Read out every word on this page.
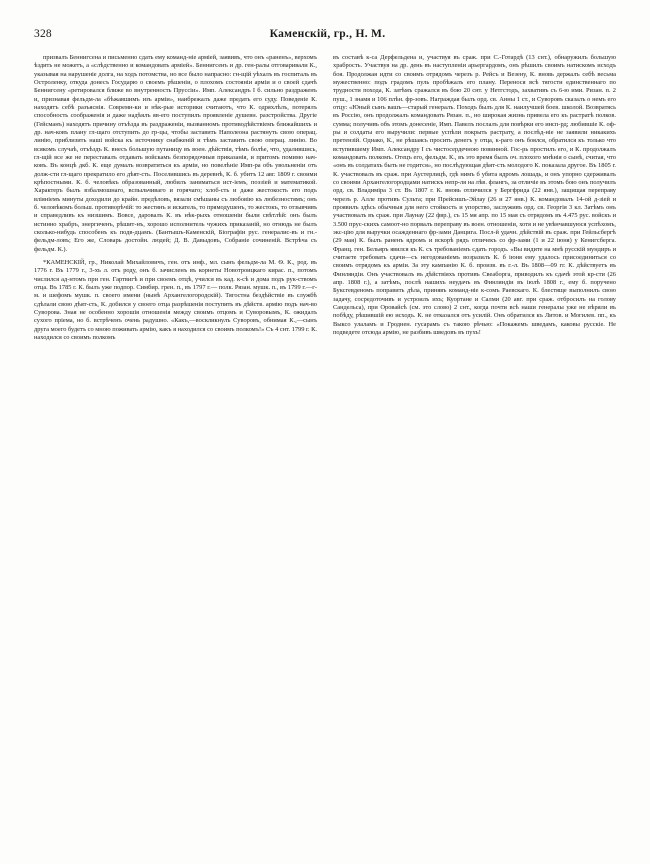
328	Каменскiй, гр., Н. М.

призвалъ Беннигсена и письменно сдать ему команд-нiе армiей, заявивъ, что онъ «раненъ», верхомъ ѣздить не можетъ, а «слѣдственно и командовать армiей». Беннигсенъ и др. ген-ралы отговаривали К., указывая на нарушенiе долга, на ходъ потомства, но все было напрасно: гн-щiй уѣхалъ въ госпиталь въ Остроленку, откуда донесъ Государю о своемъ рѣшенiи, о плохомъ состоянiи армiи и о своей сдачѣ Беннигсену «ретировался ближе во внутренность Пруссiи». Имп. Александръ I б. сильно раздраженъ и, признавая фельдм-ла «бѣжавшимъ изъ армiи», наибрежалъ даже предать его суду. Поведенiе К. находятъ себѣ разъяснiя. Совремн-ки и нѣк-рые историки считаютъ, что К. одряхлѣлъ, потерялъ способность соображенiя и даже надѣялъ яв-его поступилъ проявленiе душевн. разстройства. Другiе (Гейсманъ) находятъ причину отъѣзда въ раздраженiи, вызванномъ противодѣйствiемъ ближайшихъ и др. нач-ковъ плану гл-щаго отступить до гр-цы, чтобы заставить Наполеона растянуть свою операц. линiю, приблизить нашi войска къ источнику снабженiй и тѣмъ заставить свою операц. линiю. Во всякомъ случаѣ, отъѣздъ К. внесъ большую путаницу въ воен. дѣйствiя, тѣмъ болѣе, что, удалившись, гл-щiй все же не переставалъ отдавать войскамъ безпорядочныя приказанiя, и притомъ помимо нач-ковъ. Въ концѣ дкб. К. еще думалъ возвратиться къ армiи, но повелѣнiе Имп-ра объ увольненiи отъ долж-сти гл-щаго прекратило его дѣят-сть. Поселившись въ деревнѣ, К. б. убитъ 12 авг. 1809 г. своими крѣпостными. К. б. человѣкъ образованный, любилъ заниматься ист-iемъ, поэзiей и математикой. Характеръ былъ взбалмошнаго, вспыльчиваго и горячаго; хлоб-сть и даже жестокость его подъ влiянiемъ минуты доходили до крайн. предѣловъ, вязали смѣшаны съ любовiю къ любезностямъ; онъ б. человѣкомъ больш. противорѣчiй: то жестянъ и искатель, то прямодушенъ, то жестокъ, то отзывчивъ и справедливъ къ низшимъ. Вовсе, даровалъ К. въ нѣк-рыхъ отношенiи были свѣтлѣй: онъ былъ истинно храбръ, энергиченъ, рѣшит-нъ, хорошо исполнитель чужихъ приказанiй, но отнюдь не былъ сколько-нибудь способенъ къ подв-дцамъ. (Бантышъ-Каменскiй, Бiографiи рус. генералис-въ и гн.-фельдм-ловъ; Его же, Словарь достойн. людей; Д. В. Давыдовъ, Собранiе сочиненiй. Встрѣча съ фельдм. К.).

*КАМЕНСКIЙ, гр., Николай Михайловичъ, ген. отъ инф., мл. сынъ фельдм-ла М. Ѳ. К., род. въ 1776 г. Въ 1779 г., 3-хъ л. отъ роду, онъ б. зачисленъ въ корнеты Новотроицкаго кирас. п., потомъ числился ад-нтомъ при ген. Гартвигѣ и при своемъ отцѣ, учился въ кад. к-сѣ и дома подъ рук-ствомъ отца. Въ 1785 г. К. былъ уже подпор. Симбир. грен. п., въ 1797 г.— полк. Рязан. мушк. п., въ 1799 г.—г-м. и шефомъ мушк. п. своего имени (нынѣ Архангелогородскiй). Тягостна бездѣйствiе въ службѣ сдѣлали свою дѣят-сть, К. добился у своего отца разрѣшенiя поступить въ дѣйств. армiю подъ нач-во Суворова. Зная не особенно хорошiя отношенiя между своимъ отцомъ и Суворовымъ, К. ожидалъ сухого прiема, но б. встрѣченъ очень радушно. «Какъ,—воскликнулъ Суворовъ, обнимая К.,—сынъ друга моего будетъ со мною поживать армiю, какъ я находился со своимъ полкомъ!» Съ 4 снт. 1799 г. К. находился со своимъ полкомъ

въ составѣ к-са Дерфельдена и, участвуя въ сраж. при С.-Готардѣ (13 снт.), обнаружилъ большую храбрость. Участвуя на др. день въ наступленiи арьергардомъ, онъ рѣшилъ своимъ натискомъ исходъ боя. Продолжая идти со своимъ отрядомъ черезъ р. Рейсъ и Везену, К. вновь держалъ себѣ весьма мужественно: подъ градомъ пуль пробѣжалъ его плану. Перенося всѣ тягости единственнаго по трудности похода, К. затѣмъ сражался въ бою 20 снт. у Нетгстодъ, захвативъ съ 6-ю ими. Ризан. п. 2 пуш., 1 знамя и 106 плѣн. фр-зовъ. Награждая былъ орд. св. Анны 1 ст., и Суворовъ сказалъ о немъ его отцу: «Юный сынъ вашъ—старый генералъ. Походъ былъ для К. наилучшей боев. школой. Возвратясь въ Россiю, онъ продолжалъ командовать Рязан. п., но широкая жизнь привела его къ растратѣ полков. сумма; получивъ объ этомъ донесеніе, Имп. Павелъ послалъ для повѣрки его инсп-рд; любившiе К. оф-ры и солдаты его выручили: первые успѣли покрыть растрату, а послѣд-нiе не заявили никакихъ претензiй. Однако, К., не рѣшаясь просить денегъ у отца, к-раго онъ боялся, обратился къ только что вступившему Имп. Александру I съ чистосердечною повинной. Гос-рь простилъ его, и К. продолжалъ командовать полкомъ. Отецъ его, фельдм. К., въ это время былъ оч. плохого мнѣнiя о сынѣ, считая, что «онъ въ солдатахъ быть не годится», но послѣдующая дѣят-сть молодого К. показала другое. Въ 1805 г. К. участвовалъ въ сраж. при Аустерлицѣ, гдѣ нимъ б убита ядромъ лошадь, и онъ упорно сдерживалъ со своими Архангелогородцами натискъ непр-ля на лѣв. флангъ, за отличiе въ этомъ бою онъ получилъ орд. св. Владимiра 3 ст. Въ 1807 г. К. вновь отличился у Бергфрида (22 янв.), защищая переправу черезъ р. Алле противъ Сульта; при Прейсишъ-Эйлау (26 и 27 янв.) К. командовалъ 14-ой д-зiей и проявилъ здѣсь обычныя для него стойкость и упорство, заслуживъ орд. св. Георгiя 3 кл. Затѣмъ онъ участвовалъ въ сраж. при Лаунау (22 фвр.), съ 15 мя апр. по 15 мая съ отрядомъ въ 4.475 рус. войскъ и 3.500 прус-скихъ самоот-но порвалъ переправу въ воен. отношенiи, хотя и не увѣнчавшуюся успѣхомъ, экс-цiю для выручки осажденнаго фр-зами Данцига. Посл-й удачн. дѣйствiй въ сраж. при Гейльсбергѣ (29 мая) К. былъ раненъ ядромъ и вскорѣ рядъ отличекъ со фр-зами (1 и 22 iюня) у Кенигсберга. Франц. ген. Бельяръ явился къ К. съ требованiемъ сдать городъ. «Вы видите на мнѣ русскiй мундиръ и считаете требовать сдачи—съ негодованiемъ возразилъ К. б iюня ему удалось присоединиться со своимъ отрядомъ къ армiи. За эту кампанiю К. б. произв. въ г.-л. Въ 1808—09 гг. К. дѣйствуетъ въ Финляндiи. Онъ участвовалъ въ дѣйствiяхъ противъ Свеаборга, приводилъ къ сдачѣ этой кр-сти (26 апр. 1808 г.), а затѣмъ, послѣ нашихъ неудачъ въ Финляндiи въ іюлѣ 1808 г., ему б. поручено Буксгевденомъ поправить дѣла, принявъ команд-нiе к-сомъ Раевскаго. К. блестяще выполнилъ свою задачу, сосредоточивъ и устроилъ ихъ; Куортане и Салми (20 авг. при сраж. отбросилъ на голову Сандельса), при Оровайсѣ (см. это слово) 2 снт., когда почти всѣ наши генералы уже не вѣряли въ побѣду, рѣшившiй ею исходъ. К. не отказался отъ усилiй. Онъ обратился къ Литов. и Могилев. пп., къ Выксо улаламъ и Гроднен. гусарамъ съ такою рѣчью: «Покажемъ шведамъ, каковы русскiе. Не подведете отсюда армiю, не разбивъ шведовъ въ пухъ!
